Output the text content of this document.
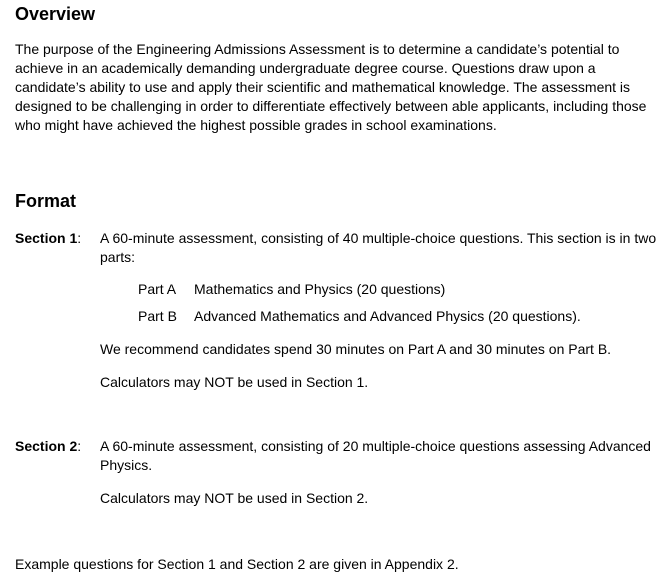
Overview

The purpose of the Engineering Admissions Assessment is to determine a candidate’s potential to achieve in an academically demanding undergraduate degree course. Questions draw upon a candidate’s ability to use and apply their scientific and mathematical knowledge. The assessment is designed to be challenging in order to differentiate effectively between able applicants, including those who might have achieved the highest possible grades in school examinations.

Format
Section 1: A 60-minute assessment, consisting of 40 multiple-choice questions. This section is in two parts:

Part A Mathematics and Physics (20 questions)
Part B Advanced Mathematics and Advanced Physics (20 questions).

We recommend candidates spend 30 minutes on Part A and 30 minutes on Part B.

Calculators may NOT be used in Section 1.

Section 2: A 60-minute assessment, consisting of 20 multiple-choice questions assessing Advanced Physics.

Calculators may NOT be used in Section 2.

Example questions for Section 1 and Section 2 are given in Appendix 2.
